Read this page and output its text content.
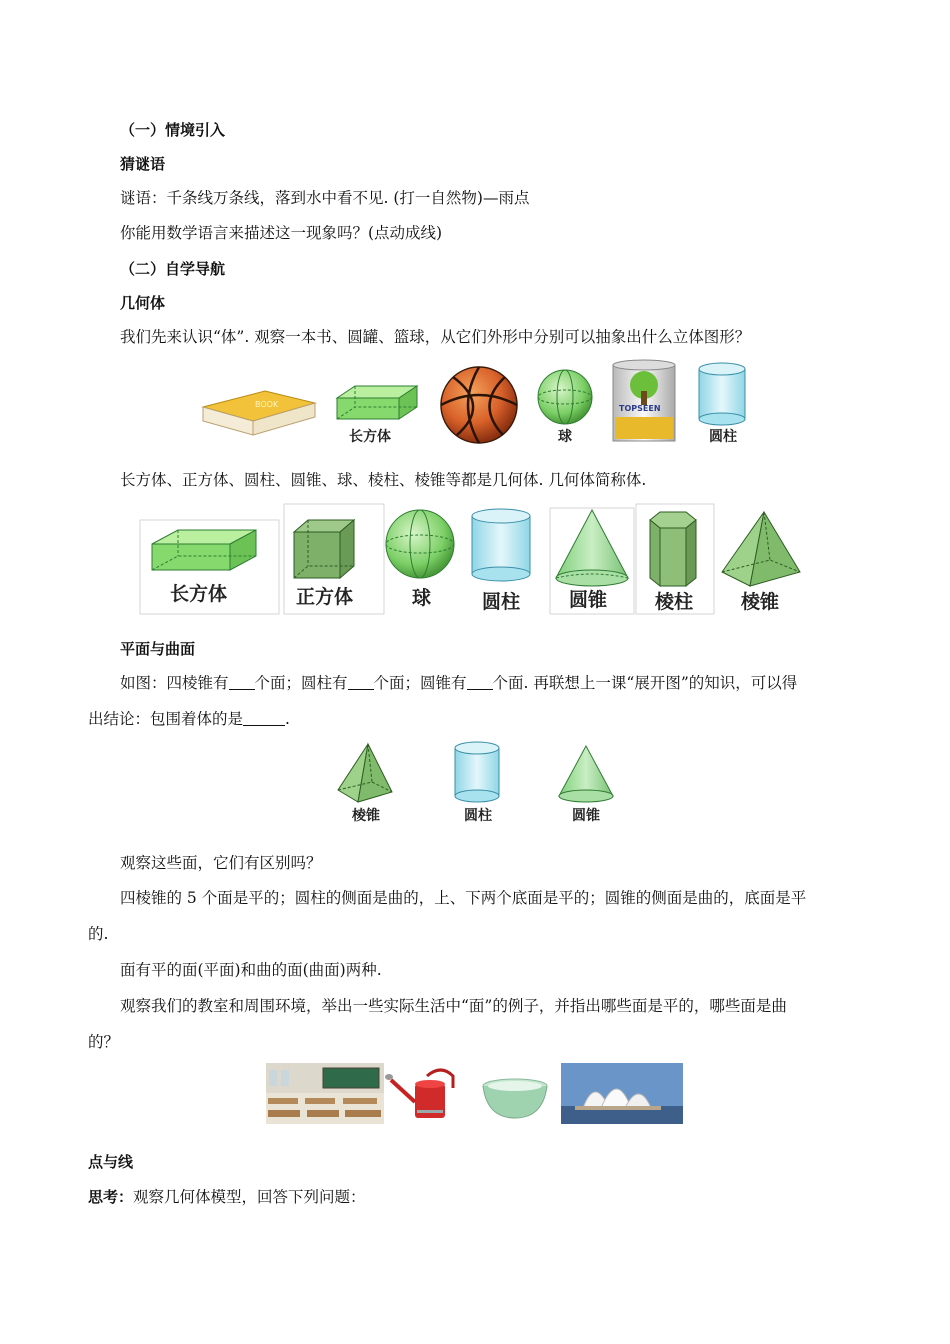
（一）情境引入
猜谜语
谜语：千条线万条线，落到水中看不见. (打一自然物)—雨点
你能用数学语言来描述这一现象吗？(点动成线)
（二）自学导航
几何体
我们先来认识“体”. 观察一本书、圆罐、篮球，从它们外形中分别可以抽象出什么立体图形？
BOOK
长方体	球
TOPSEEN
圆柱
长方体、正方体、圆柱、圆锥、球、棱柱、棱锥等都是几何体. 几何体简称体.
长方体	正方体	球	圆柱	圆锥	棱柱	棱锥
平面与曲面
如图：四棱锥有 个面；圆柱有 个面；圆锥有 个面. 再联想上一课“展开图”的知识，可以得
出结论：包围着体的是	.
棱锥	圆柱	圆锥
观察这些面，它们有区别吗？
四棱锥的 5 个面是平的；圆柱的侧面是曲的，上、下两个底面是平的；圆锥的侧面是曲的，底面是平
的.
面有平的面(平面)和曲的面(曲面)两种.
观察我们的教室和周围环境，举出一些实际生活中“面”的例子，并指出哪些面是平的，哪些面是曲
的？
点与线
思考：观察几何体模型，回答下列问题：
